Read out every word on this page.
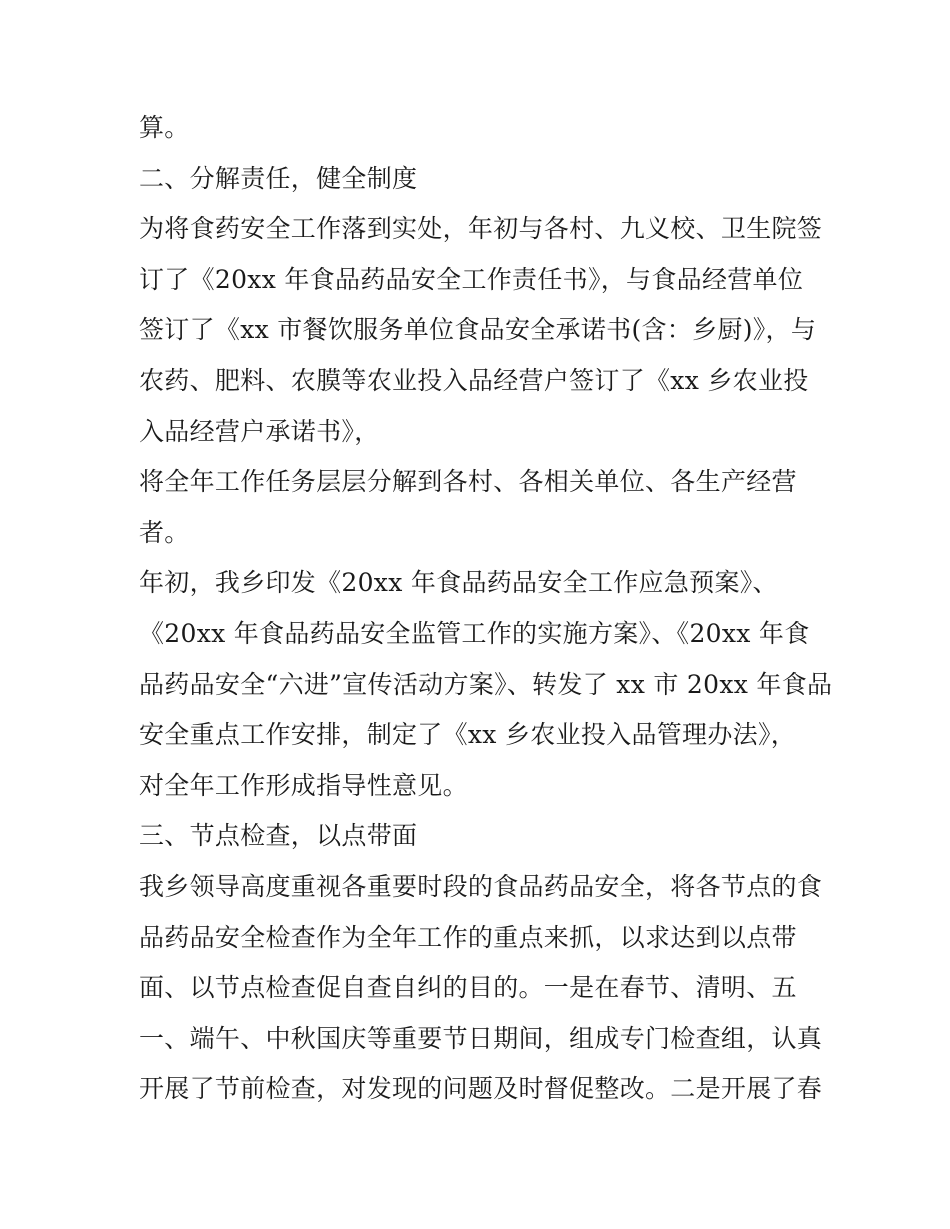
算。
二、分解责任，健全制度
为将食药安全工作落到实处，年初与各村、九义校、卫生院签
订了《20xx 年食品药品安全工作责任书》，与食品经营单位
签订了《xx 市餐饮服务单位食品安全承诺书(含：乡厨)》，与
农药、肥料、农膜等农业投入品经营户签订了《xx 乡农业投
入品经营户承诺书》，
将全年工作任务层层分解到各村、各相关单位、各生产经营
者。
年初，我乡印发《20xx 年食品药品安全工作应急预案》、
《20xx 年食品药品安全监管工作的实施方案》、《20xx 年食
品药品安全“六进”宣传活动方案》、转发了 xx 市 20xx 年食品
安全重点工作安排，制定了《xx 乡农业投入品管理办法》，
对全年工作形成指导性意见。
三、节点检查，以点带面
我乡领导高度重视各重要时段的食品药品安全，将各节点的食
品药品安全检查作为全年工作的重点来抓，以求达到以点带
面、以节点检查促自查自纠的目的。一是在春节、清明、五
一、端午、中秋国庆等重要节日期间，组成专门检查组，认真
开展了节前检查，对发现的问题及时督促整改。二是开展了春
